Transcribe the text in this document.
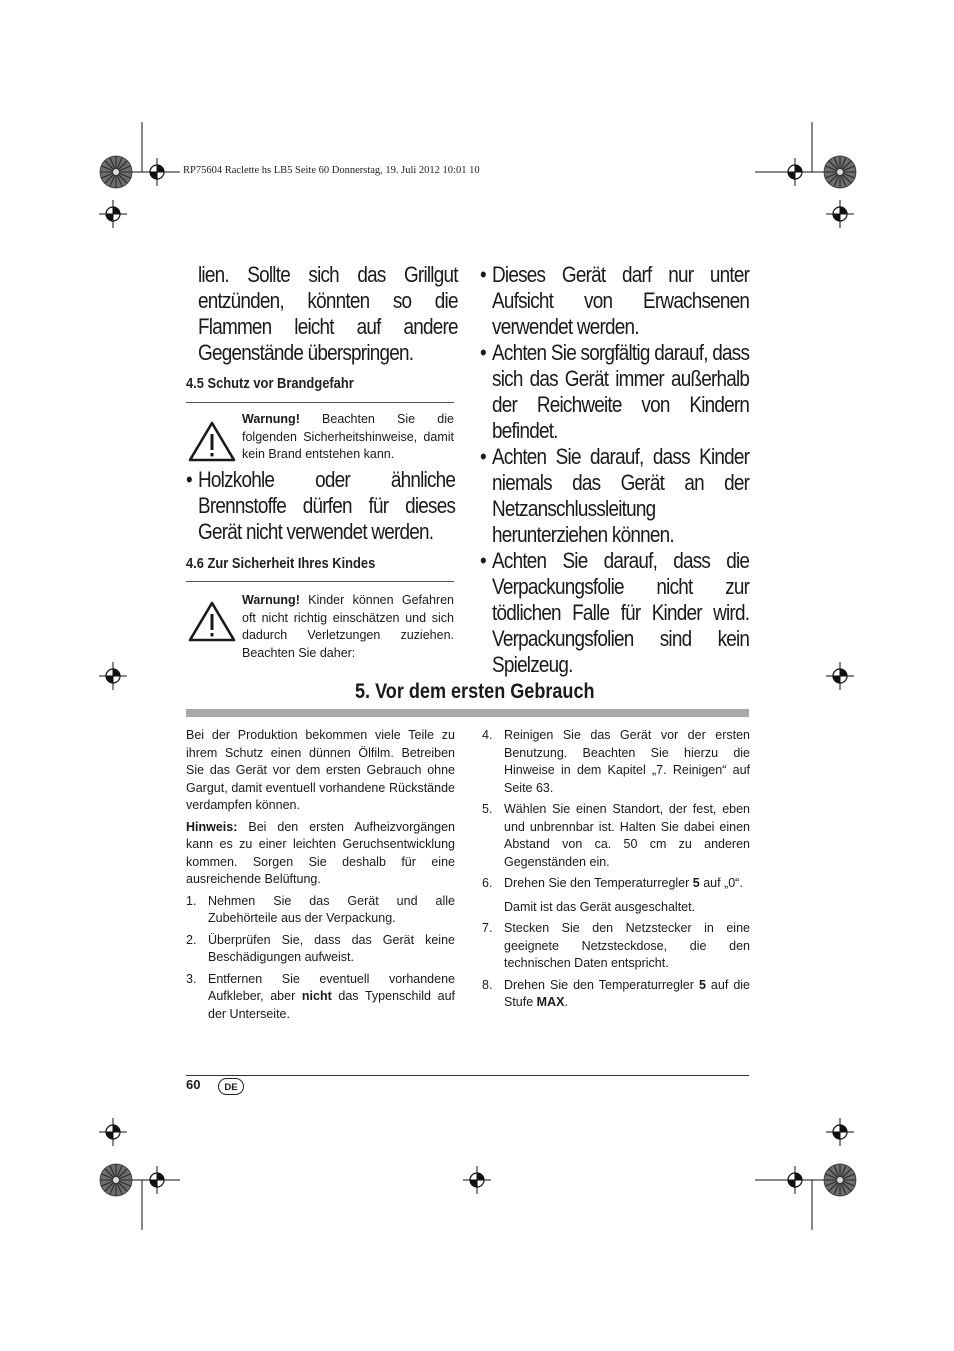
RP75604 Raclette hs LB5 Seite 60 Donnerstag, 19. Juli 2012 10:01 10
lien. Sollte sich das Grillgut entzünden, könnten so die Flammen leicht auf andere Gegenstände überspringen.
4.5 Schutz vor Brandgefahr
Warnung! Beachten Sie die folgenden Sicherheitshinweise, damit kein Brand entstehen kann.
• Holzkohle oder ähnliche Brennstoffe dürfen für dieses Gerät nicht verwendet werden.
4.6 Zur Sicherheit Ihres Kindes
Warnung! Kinder können Gefahren oft nicht richtig einschätzen und sich dadurch Verletzungen zuziehen. Beachten Sie daher:
• Dieses Gerät darf nur unter Aufsicht von Erwachsenen verwendet werden.
• Achten Sie sorgfältig darauf, dass sich das Gerät immer außerhalb der Reichweite von Kindern befindet.
• Achten Sie darauf, dass Kinder niemals das Gerät an der Netzanschlussleitung herunterziehen können.
• Achten Sie darauf, dass die Verpackungsfolie nicht zur tödlichen Falle für Kinder wird. Verpackungsfolien sind kein Spielzeug.
5. Vor dem ersten Gebrauch

Bei der Produktion bekommen viele Teile zu ihrem Schutz einen dünnen Ölfilm. Betreiben Sie das Gerät vor dem ersten Gebrauch ohne Gargut, damit eventuell vorhandene Rückstände verdampfen können.

Hinweis: Bei den ersten Aufheizvorgängen kann es zu einer leichten Geruchsentwicklung kommen. Sorgen Sie deshalb für eine ausreichende Belüftung.

1. Nehmen Sie das Gerät und alle Zubehörteile aus der Verpackung.
2. Überprüfen Sie, dass das Gerät keine Beschädigungen aufweist.
3. Entfernen Sie eventuell vorhandene Aufkleber, aber nicht das Typenschild auf der Unterseite.
4. Reinigen Sie das Gerät vor der ersten Benutzung. Beachten Sie hierzu die Hinweise in dem Kapitel „7. Reinigen“ auf Seite 63.
5. Wählen Sie einen Standort, der fest, eben und unbrennbar ist. Halten Sie dabei einen Abstand von ca. 50 cm zu anderen Gegenständen ein.
6. Drehen Sie den Temperaturregler 5 auf „0“.
Damit ist das Gerät ausgeschaltet.
7. Stecken Sie den Netzstecker in eine geeignete Netzsteckdose, die den technischen Daten entspricht.
8. Drehen Sie den Temperaturregler 5 auf die Stufe MAX.
60	DE
